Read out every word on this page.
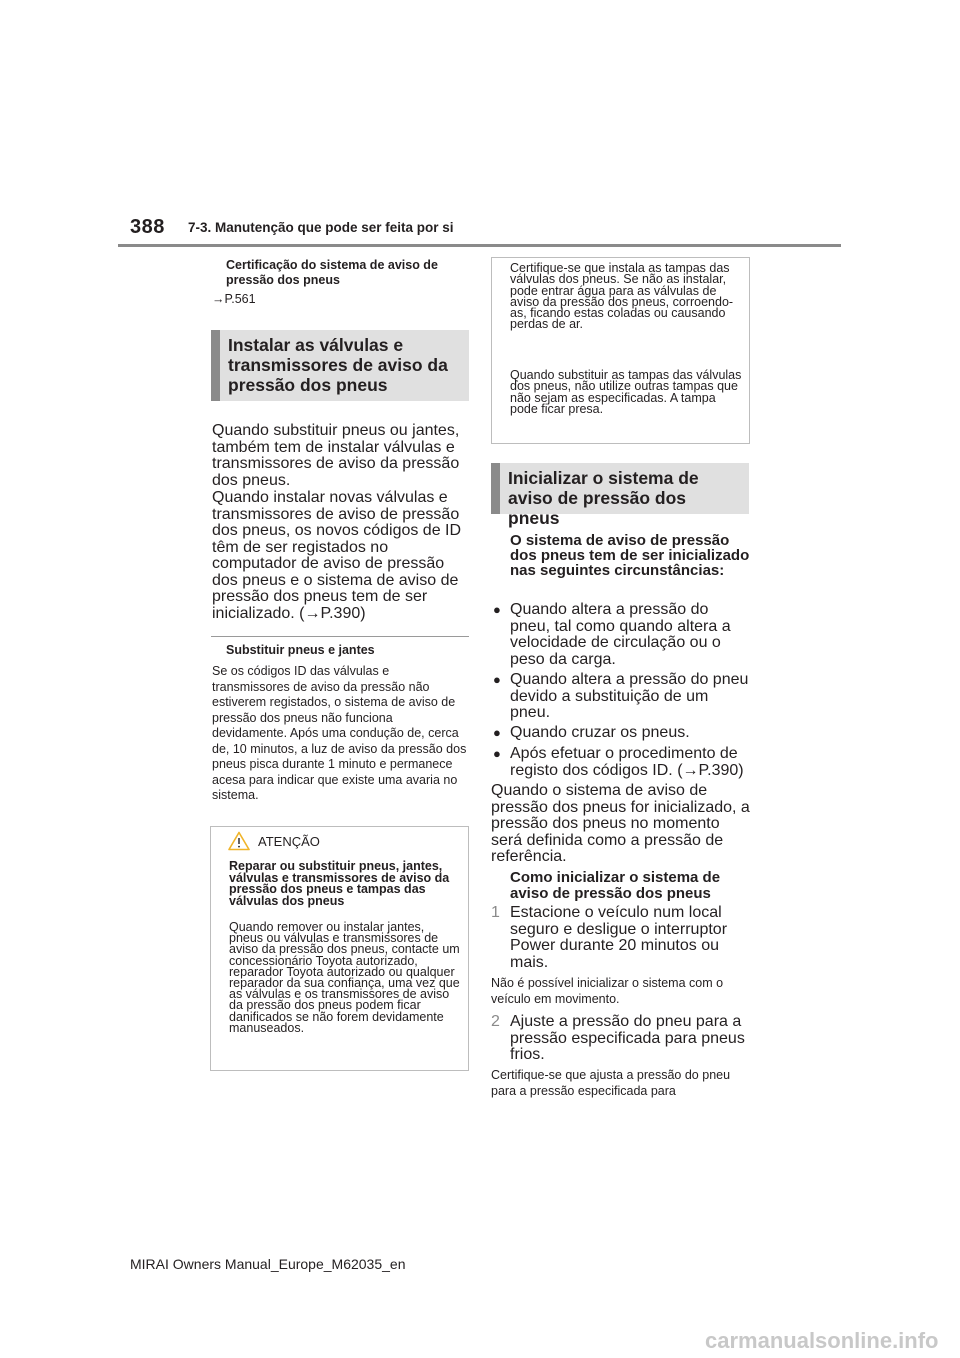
388 7-3. Manutenção que pode ser feita por si
Certificação do sistema de aviso de pressão dos pneus
→P.561
Instalar as válvulas e transmissores de aviso da pressão dos pneus
Quando substituir pneus ou jantes, também tem de instalar válvulas e transmissores de aviso da pressão dos pneus.
Quando instalar novas válvulas e transmissores de aviso de pressão dos pneus, os novos códigos de ID têm de ser registados no computador de aviso de pressão dos pneus e o sistema de aviso de pressão dos pneus tem de ser inicializado. (→P.390)
Substituir pneus e jantes
Se os códigos ID das válvulas e transmissores de aviso da pressão não estiverem registados, o sistema de aviso de pressão dos pneus não funciona devidamente. Após uma condução de, cerca de, 10 minutos, a luz de aviso da pressão dos pneus pisca durante 1 minuto e permanece acesa para indicar que existe uma avaria no sistema.
ATENÇÃO
Reparar ou substituir pneus, jantes, válvulas e transmissores de aviso da pressão dos pneus e tampas das válvulas dos pneus
Quando remover ou instalar jantes, pneus ou válvulas e transmissores de aviso da pressão dos pneus, contacte um concessionário Toyota autorizado, reparador Toyota autorizado ou qualquer reparador da sua confiança, uma vez que as válvulas e os transmissores de aviso da pressão dos pneus podem ficar danificados se não forem devidamente manuseados.
Certifique-se que instala as tampas das válvulas dos pneus. Se não as instalar, pode entrar água para as válvulas de aviso da pressão dos pneus, corroendo-as, ficando estas coladas ou causando perdas de ar.
Quando substituir as tampas das válvulas dos pneus, não utilize outras tampas que não sejam as especificadas. A tampa pode ficar presa.
Inicializar o sistema de aviso de pressão dos pneus
O sistema de aviso de pressão dos pneus tem de ser inicializado nas seguintes circunstâncias:
● Quando altera a pressão do pneu, tal como quando altera a velocidade de circulação ou o peso da carga.
● Quando altera a pressão do pneu devido a substituição de um pneu.
● Quando cruzar os pneus.
● Após efetuar o procedimento de registo dos códigos ID. (→P.390)
Quando o sistema de aviso de pressão dos pneus for inicializado, a pressão dos pneus no momento será definida como a pressão de referência.
Como inicializar o sistema de aviso de pressão dos pneus
1 Estacione o veículo num local seguro e desligue o interruptor Power durante 20 minutos ou mais.
Não é possível inicializar o sistema com o veículo em movimento.
2 Ajuste a pressão do pneu para a pressão especificada para pneus frios.
Certifique-se que ajusta a pressão do pneu para a pressão especificada para
MIRAI Owners Manual_Europe_M62035_en
carmanualsonline.info
